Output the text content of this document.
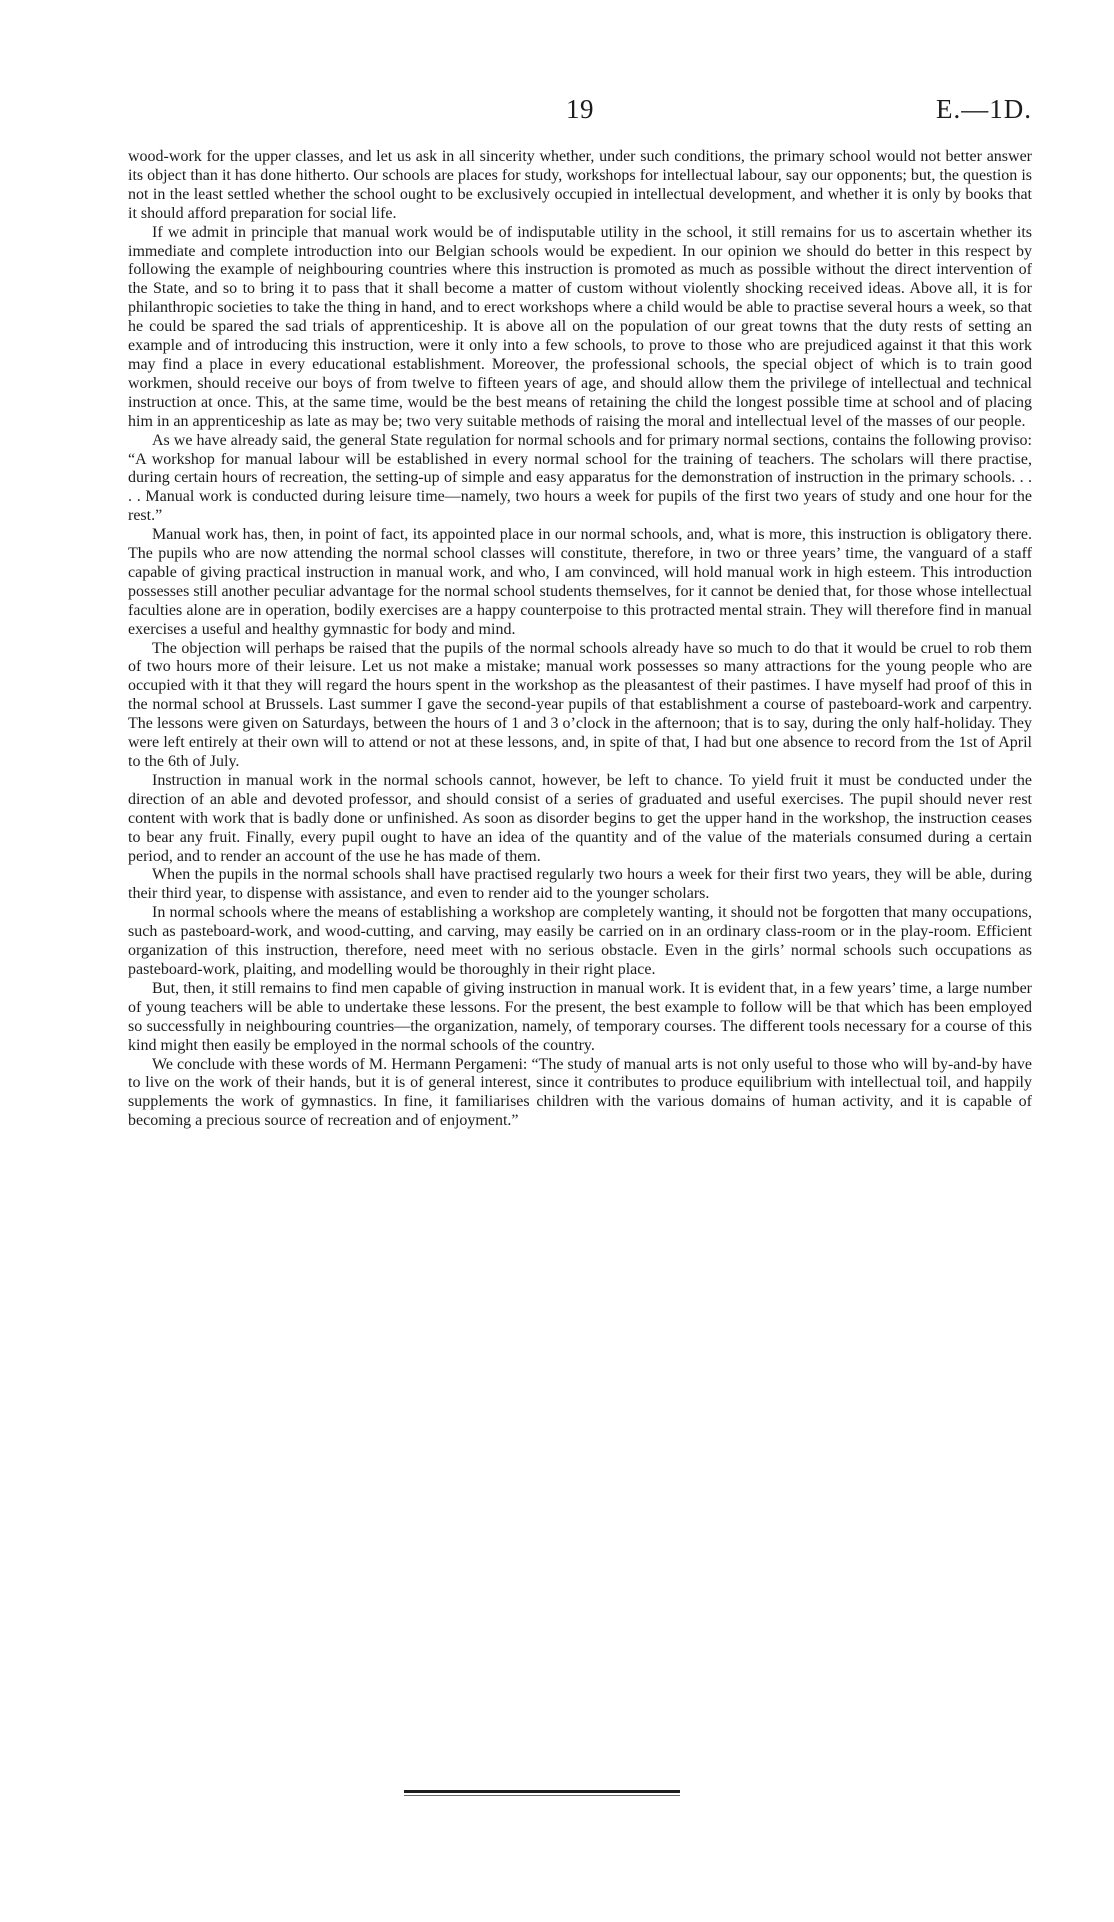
19	E.—1D.

wood-work for the upper classes, and let us ask in all sincerity whether, under such conditions, the primary school would not better answer its object than it has done hitherto. Our schools are places for study, workshops for intellectual labour, say our opponents; but, the question is not in the least settled whether the school ought to be exclusively occupied in intellectual development, and whether it is only by books that it should afford preparation for social life.

If we admit in principle that manual work would be of indisputable utility in the school, it still remains for us to ascertain whether its immediate and complete introduction into our Belgian schools would be expedient. In our opinion we should do better in this respect by following the example of neighbouring countries where this instruction is promoted as much as possible without the direct intervention of the State, and so to bring it to pass that it shall become a matter of custom without violently shocking received ideas. Above all, it is for philanthropic societies to take the thing in hand, and to erect workshops where a child would be able to practise several hours a week, so that he could be spared the sad trials of apprenticeship. It is above all on the population of our great towns that the duty rests of setting an example and of introducing this instruction, were it only into a few schools, to prove to those who are prejudiced against it that this work may find a place in every educational establishment. Moreover, the professional schools, the special object of which is to train good workmen, should receive our boys of from twelve to fifteen years of age, and should allow them the privilege of intellectual and technical instruction at once. This, at the same time, would be the best means of retaining the child the longest possible time at school and of placing him in an apprenticeship as late as may be; two very suitable methods of raising the moral and intellectual level of the masses of our people.

As we have already said, the general State regulation for normal schools and for primary normal sections, contains the following proviso: “A workshop for manual labour will be established in every normal school for the training of teachers. The scholars will there practise, during certain hours of recreation, the setting-up of simple and easy apparatus for the demonstration of instruction in the primary schools. . . . . Manual work is conducted during leisure time—namely, two hours a week for pupils of the first two years of study and one hour for the rest.”

Manual work has, then, in point of fact, its appointed place in our normal schools, and, what is more, this instruction is obligatory there. The pupils who are now attending the normal school classes will constitute, therefore, in two or three years’ time, the vanguard of a staff capable of giving practical instruction in manual work, and who, I am convinced, will hold manual work in high esteem. This introduction possesses still another peculiar advantage for the normal school students themselves, for it cannot be denied that, for those whose intellectual faculties alone are in operation, bodily exercises are a happy counterpoise to this protracted mental strain. They will therefore find in manual exercises a useful and healthy gymnastic for body and mind.

The objection will perhaps be raised that the pupils of the normal schools already have so much to do that it would be cruel to rob them of two hours more of their leisure. Let us not make a mistake; manual work possesses so many attractions for the young people who are occupied with it that they will regard the hours spent in the workshop as the pleasantest of their pastimes. I have myself had proof of this in the normal school at Brussels. Last summer I gave the second-year pupils of that establishment a course of pasteboard-work and carpentry. The lessons were given on Saturdays, between the hours of 1 and 3 o’clock in the afternoon; that is to say, during the only half-holiday. They were left entirely at their own will to attend or not at these lessons, and, in spite of that, I had but one absence to record from the 1st of April to the 6th of July.

Instruction in manual work in the normal schools cannot, however, be left to chance. To yield fruit it must be conducted under the direction of an able and devoted professor, and should consist of a series of graduated and useful exercises. The pupil should never rest content with work that is badly done or unfinished. As soon as disorder begins to get the upper hand in the workshop, the instruction ceases to bear any fruit. Finally, every pupil ought to have an idea of the quantity and of the value of the materials consumed during a certain period, and to render an account of the use he has made of them.

When the pupils in the normal schools shall have practised regularly two hours a week for their first two years, they will be able, during their third year, to dispense with assistance, and even to render aid to the younger scholars.

In normal schools where the means of establishing a workshop are completely wanting, it should not be forgotten that many occupations, such as pasteboard-work, and wood-cutting, and carving, may easily be carried on in an ordinary class-room or in the play-room. Efficient organization of this instruction, therefore, need meet with no serious obstacle. Even in the girls’ normal schools such occupations as pasteboard-work, plaiting, and modelling would be thoroughly in their right place.

But, then, it still remains to find men capable of giving instruction in manual work. It is evident that, in a few years’ time, a large number of young teachers will be able to undertake these lessons. For the present, the best example to follow will be that which has been employed so successfully in neighbouring countries—the organization, namely, of temporary courses. The different tools necessary for a course of this kind might then easily be employed in the normal schools of the country.

We conclude with these words of M. Hermann Pergameni: “The study of manual arts is not only useful to those who will by-and-by have to live on the work of their hands, but it is of general interest, since it contributes to produce equilibrium with intellectual toil, and happily supplements the work of gymnastics. In fine, it familiarises children with the various domains of human activity, and it is capable of becoming a precious source of recreation and of enjoyment.”
